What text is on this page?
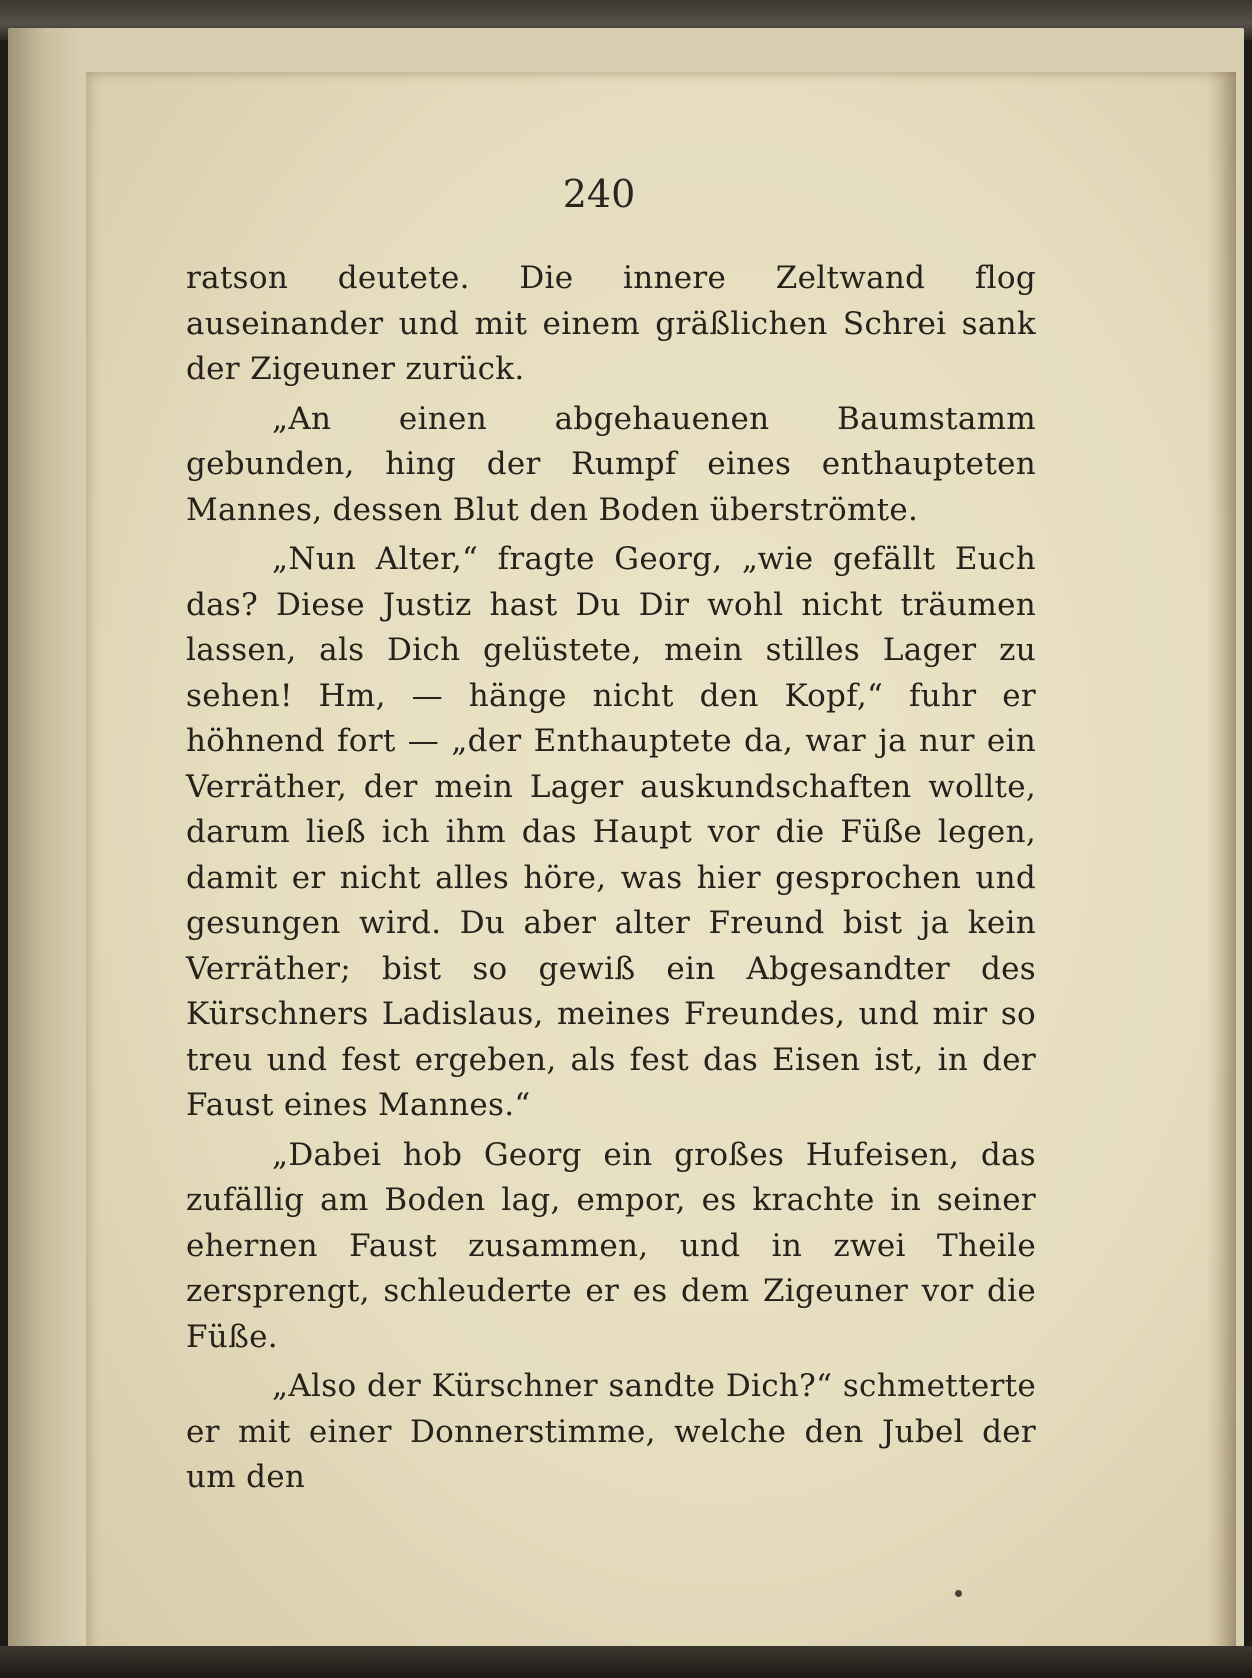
240

ratson deutete. Die innere Zeltwand flog auseinander und mit einem gräßlichen Schrei sank der Zigeuner zurück.

„An einen abgehauenen Baumstamm gebunden, hing der Rumpf eines enthaupteten Mannes, dessen Blut den Boden überströmte.

„Nun Alter,“ fragte Georg, „wie gefällt Euch das? Diese Justiz hast Du Dir wohl nicht träumen lassen, als Dich gelüstete, mein stilles Lager zu sehen! Hm, — hänge nicht den Kopf,“ fuhr er höhnend fort — „der Enthauptete da, war ja nur ein Verräther, der mein Lager auskundschaften wollte, darum ließ ich ihm das Haupt vor die Füße legen, damit er nicht alles höre, was hier gesprochen und gesungen wird. Du aber alter Freund bist ja kein Verräther; bist so gewiß ein Abgesandter des Kürschners Ladislaus, meines Freundes, und mir so treu und fest ergeben, als fest das Eisen ist, in der Faust eines Mannes.“

„Dabei hob Georg ein großes Hufeisen, das zufällig am Boden lag, empor, es krachte in seiner ehernen Faust zusammen, und in zwei Theile zersprengt, schleuderte er es dem Zigeuner vor die Füße.

„Also der Kürschner sandte Dich?“ schmetterte er mit einer Donnerstimme, welche den Jubel der um den
